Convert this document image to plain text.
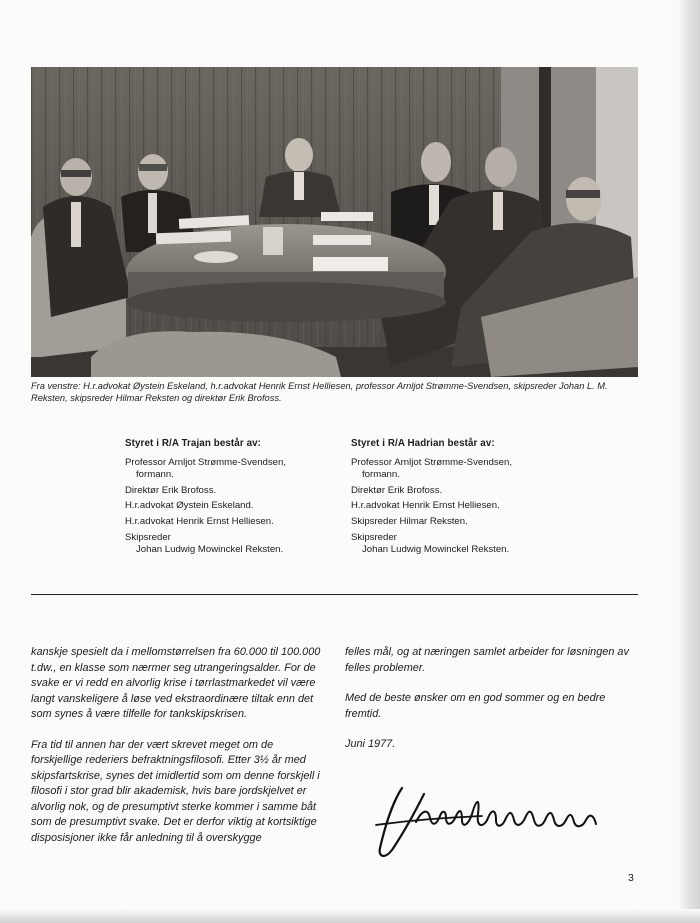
Fra venstre: H.r.advokat Øystein Eskeland, h.r.advokat Henrik Ernst Helliesen, professor Arnljot Strømme-Svendsen, skipsreder Johan L. M. Reksten, skipsreder Hilmar Reksten og direktør Erik Brofoss.
Styret i R/A Trajan består av:
Professor Arnljot Strømme-Svendsen,
formann.
Direktør Erik Brofoss.
H.r.advokat Øystein Eskeland.
H.r.advokat Henrik Ernst Helliesen.
Skipsreder
Johan Ludwig Mowinckel Reksten.
Styret i R/A Hadrian består av:
Professor Arnljot Strømme-Svendsen,
formann.
Direktør Erik Brofoss.
H.r.advokat Henrik Ernst Helliesen.
Skipsreder Hilmar Reksten.
Skipsreder
Johan Ludwig Mowinckel Reksten.

kanskje spesielt da i mellomstørrelsen fra 60.000 til 100.000 t.dw., en klasse som nærmer seg utrangeringsalder. For de svake er vi redd en alvorlig krise i tørrlastmarkedet vil være langt vanskeligere å løse ved ekstraordinære tiltak enn det som synes å være tilfelle for tankskipskrisen.

Fra tid til annen har der vært skrevet meget om de forskjellige rederiers befraktningsfilosofi. Etter 3½ år med skipsfartskrise, synes det imidlertid som om denne forskjell i filosofi i stor grad blir akademisk, hvis bare jordskjelvet er alvorlig nok, og de presumptivt sterke kommer i samme båt som de presumptivt svake. Det er derfor viktig at kortsiktige disposisjoner ikke får anledning til å overskygge

felles mål, og at næringen samlet arbeider for løsningen av felles problemer.

Med de beste ønsker om en god sommer og en bedre fremtid.

Juni 1977.

3
